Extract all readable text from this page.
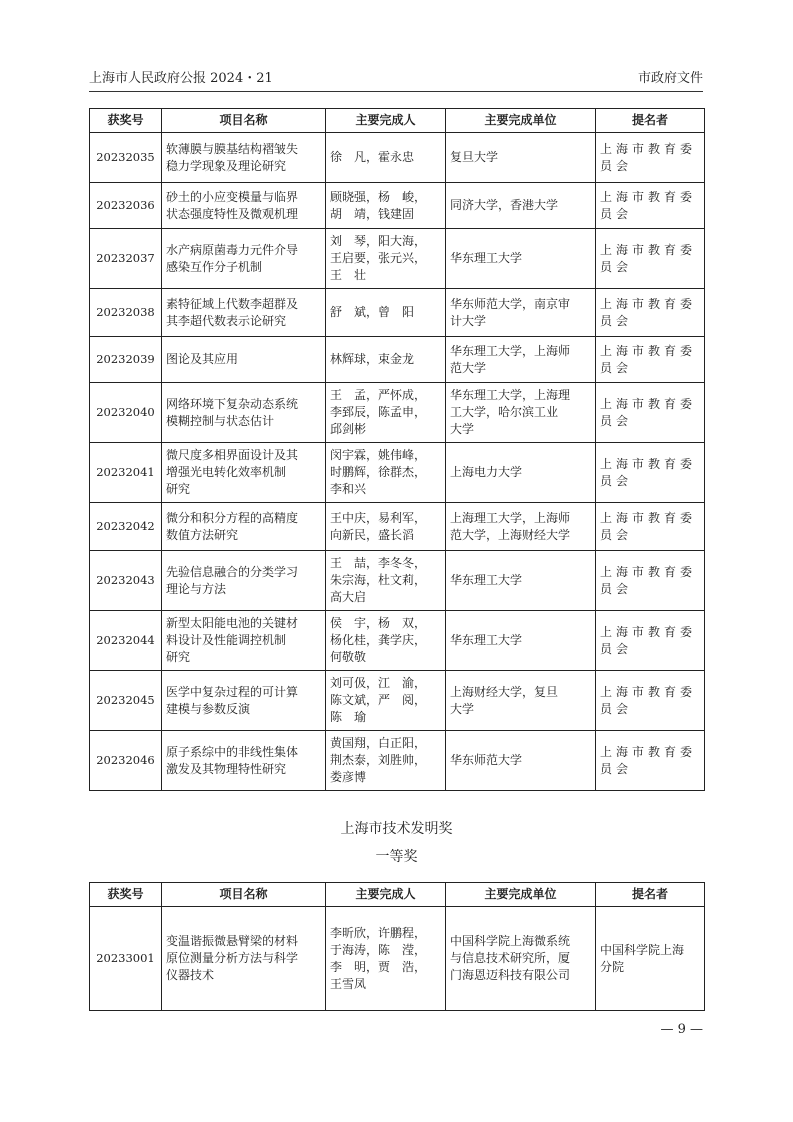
上海市人民政府公报 2024・21	市政府文件
获奖号	项目名称	主要完成人	主要完成单位	提名者
20232035	软薄膜与膜基结构褶皱失
稳力学现象及理论研究	徐　凡，霍永忠	复旦大学	上海市教育委
员会
20232036	砂土的小应变模量与临界
状态强度特性及微观机理	顾晓强，杨　峻，
胡　靖，钱建固	同济大学，香港大学	上海市教育委
员会
20232037	水产病原菌毒力元件介导
感染互作分子机制	刘　琴，阳大海，
王启要，张元兴，
王　壮	华东理工大学	上海市教育委
员会
20232038	素特征域上代数李超群及
其李超代数表示论研究	舒　斌，曾　阳	华东师范大学，南京审
计大学	上海市教育委
员会
20232039	图论及其应用	林辉球，束金龙	华东理工大学，上海师
范大学	上海市教育委
员会
20232040	网络环境下复杂动态系统
模糊控制与状态估计	王　孟，严怀成，
李郅辰，陈孟申，
邱剑彬	华东理工大学，上海理
工大学，哈尔滨工业
大学	上海市教育委
员会
20232041	微尺度多相界面设计及其
增强光电转化效率机制
研究	闵宇霖，姚伟峰，
时鹏辉，徐群杰，
李和兴	上海电力大学	上海市教育委
员会
20232042	微分和积分方程的高精度
数值方法研究	王中庆，易利军，
向新民，盛长滔	上海理工大学，上海师
范大学，上海财经大学	上海市教育委
员会
20232043	先验信息融合的分类学习
理论与方法	王　喆，李冬冬，
朱宗海，杜文莉，
高大启	华东理工大学	上海市教育委
员会
20232044	新型太阳能电池的关键材
料设计及性能调控机制
研究	侯　宇，杨　双，
杨化桂，龚学庆，
何敬敬	华东理工大学	上海市教育委
员会
20232045	医学中复杂过程的可计算
建模与参数反演	刘可伋，江　渝，
陈文斌，严　阅，
陈　瑜	上海财经大学，复旦
大学	上海市教育委
员会
20232046	原子系综中的非线性集体
激发及其物理特性研究	黄国翔，白正阳，
荆杰泰，刘胜帅，
娄彦博	华东师范大学	上海市教育委
员会
上海市技术发明奖
一等奖
获奖号	项目名称	主要完成人	主要完成单位	提名者
20233001	变温谐振微悬臂梁的材料
原位测量分析方法与科学
仪器技术	李昕欣，许鹏程，
于海涛，陈　滢，
李　明，贾　浩，
王雪凤	中国科学院上海微系统
与信息技术研究所，厦
门海恩迈科技有限公司	中国科学院上海
分院
— 9 —
